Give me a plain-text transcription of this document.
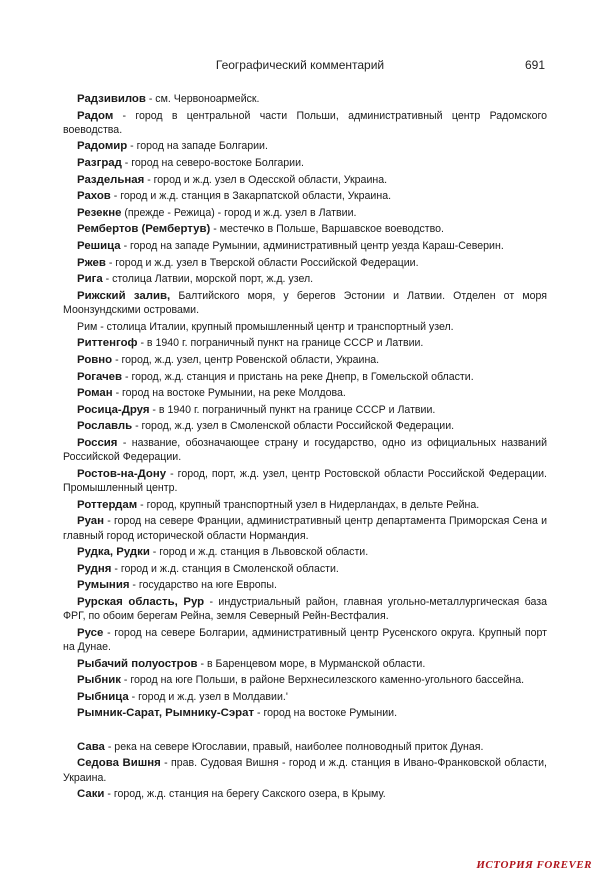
Географический комментарий	691

Радзивилов - см. Червоноармейск.

Радом - город в центральной части Польши, административный центр Радомского воеводства.

Радомир - город на западе Болгарии.

Разград - город на северо-востоке Болгарии.

Раздельная - город и ж.д. узел в Одесской области, Украина.

Рахов - город и ж.д. станция в Закарпатской области, Украина.

Резекне (прежде - Режица) - город и ж.д. узел в Латвии.

Рембертов (Рембертув) - местечко в Польше, Варшавское воеводство.

Решица - город на западе Румынии, административный центр уезда Караш-Северин.

Ржев - город и ж.д. узел в Тверской области Российской Федерации.

Рига - столица Латвии, морской порт, ж.д. узел.

Рижский залив, Балтийского моря, у берегов Эстонии и Латвии. Отделен от моря Моонзундскими островами.

Рим - столица Италии, крупный промышленный центр и транспортный узел.

Риттенгоф - в 1940 г. пограничный пункт на границе СССР и Латвии.

Ровно - город, ж.д. узел, центр Ровенской области, Украина.

Рогачев - город, ж.д. станция и пристань на реке Днепр, в Гомельской области.

Роман - город на востоке Румынии, на реке Молдова.

Росица-Друя - в 1940 г. пограничный пункт на границе СССР и Латвии.

Рославль - город, ж.д. узел в Смоленской области Российской Федерации.

Россия - название, обозначающее страну и государство, одно из официальных названий Российской Федерации.

Ростов-на-Дону - город, порт, ж.д. узел, центр Ростовской области Российской Федерации. Промышленный центр.

Роттердам - город, крупный транспортный узел в Нидерландах, в дельте Рейна.

Руан - город на севере Франции, административный центр департамента Приморская Сена и главный город исторической области Нормандия.

Рудка, Рудки - город и ж.д. станция в Львовской области.

Рудня - город и ж.д. станция в Смоленской области.

Румыния - государство на юге Европы.

Рурская область, Рур - индустриальный район, главная угольно-металлургическая база ФРГ, по обоим берегам Рейна, земля Северный Рейн-Вестфалия.

Русе - город на севере Болгарии, административный центр Русенского округа. Крупный порт на Дунае.

Рыбачий полуостров - в Баренцевом море, в Мурманской области.

Рыбник - город на юге Польши, в районе Верхнесилезского каменно-угольного бассейна.

Рыбница - город и ж.д. узел в Молдавии.'

Рымник-Сарат, Рымнику-Сэрат - город на востоке Румынии.

Сава - река на севере Югославии, правый, наиболее полноводный приток Дуная.

Седова Вишня - прав. Судовая Вишня - город и ж.д. станция в Ивано-Франковской области, Украина.

Саки - город, ж.д. станция на берегу Сакского озера, в Крыму.

ИСТОРИЯ FOREVER
